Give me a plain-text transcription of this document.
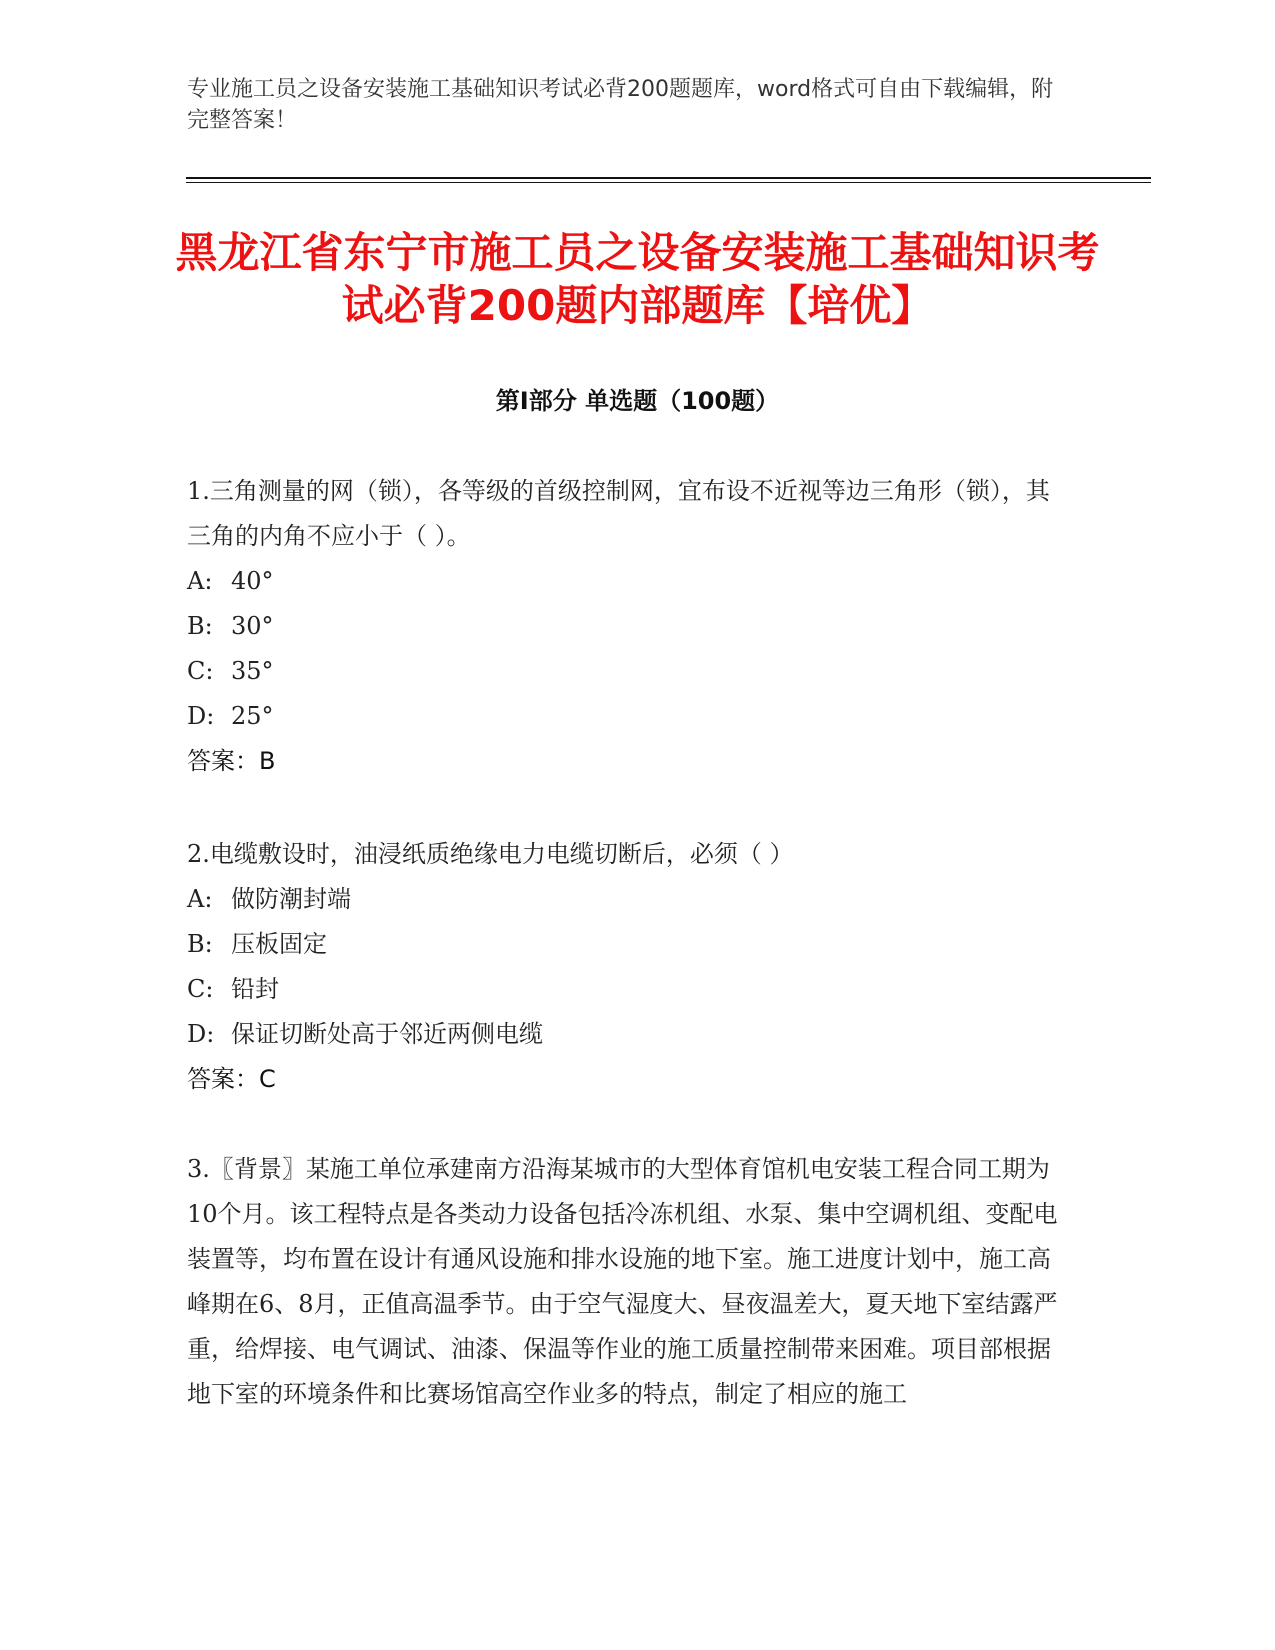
专业施工员之设备安装施工基础知识考试必背200题题库，word格式可自由下载编辑，附完整答案！
黑龙江省东宁市施工员之设备安装施工基础知识考试必背200题内部题库【培优】
第I部分 单选题（100题）
1.三角测量的网（锁），各等级的首级控制网，宜布设不近视等边三角形（锁），其三角的内角不应小于（ ）。
A: 40°
B: 30°
C: 35°
D: 25°
答案：B
2.电缆敷设时，油浸纸质绝缘电力电缆切断后，必须（ ）
A: 做防潮封端
B: 压板固定
C: 铅封
D: 保证切断处高于邻近两侧电缆
答案：C
3.〖背景〗某施工单位承建南方沿海某城市的大型体育馆机电安装工程合同工期为10个月。该工程特点是各类动力设备包括冷冻机组、水泵、集中空调机组、变配电装置等，均布置在设计有通风设施和排水设施的地下室。施工进度计划中，施工高峰期在6、8月，正值高温季节。由于空气湿度大、昼夜温差大，夏天地下室结露严重，给焊接、电气调试、油漆、保温等作业的施工质量控制带来困难。项目部根据地下室的环境条件和比赛场馆高空作业多的特点，制定了相应的施工
